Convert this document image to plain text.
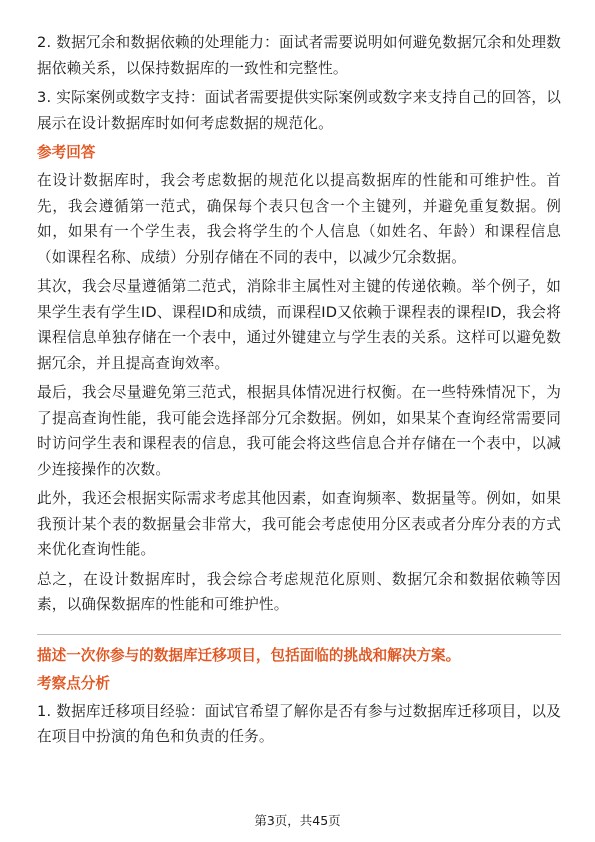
2. 数据冗余和数据依赖的处理能力：面试者需要说明如何避免数据冗余和处理数据依赖关系，以保持数据库的一致性和完整性。

3. 实际案例或数字支持：面试者需要提供实际案例或数字来支持自己的回答，以展示在设计数据库时如何考虑数据的规范化。

参考回答

在设计数据库时，我会考虑数据的规范化以提高数据库的性能和可维护性。首先，我会遵循第一范式，确保每个表只包含一个主键列，并避免重复数据。例如，如果有一个学生表，我会将学生的个人信息（如姓名、年龄）和课程信息（如课程名称、成绩）分别存储在不同的表中，以减少冗余数据。

其次，我会尽量遵循第二范式，消除非主属性对主键的传递依赖。举个例子，如果学生表有学生ID、课程ID和成绩，而课程ID又依赖于课程表的课程ID，我会将课程信息单独存储在一个表中，通过外键建立与学生表的关系。这样可以避免数据冗余，并且提高查询效率。

最后，我会尽量避免第三范式，根据具体情况进行权衡。在一些特殊情况下，为了提高查询性能，我可能会选择部分冗余数据。例如，如果某个查询经常需要同时访问学生表和课程表的信息，我可能会将这些信息合并存储在一个表中，以减少连接操作的次数。

此外，我还会根据实际需求考虑其他因素，如查询频率、数据量等。例如，如果我预计某个表的数据量会非常大，我可能会考虑使用分区表或者分库分表的方式来优化查询性能。

总之，在设计数据库时，我会综合考虑规范化原则、数据冗余和数据依赖等因素，以确保数据库的性能和可维护性。

描述一次你参与的数据库迁移项目，包括面临的挑战和解决方案。
考察点分析

1. 数据库迁移项目经验：面试官希望了解你是否有参与过数据库迁移项目，以及在项目中扮演的角色和负责的任务。

第3页，共45页
